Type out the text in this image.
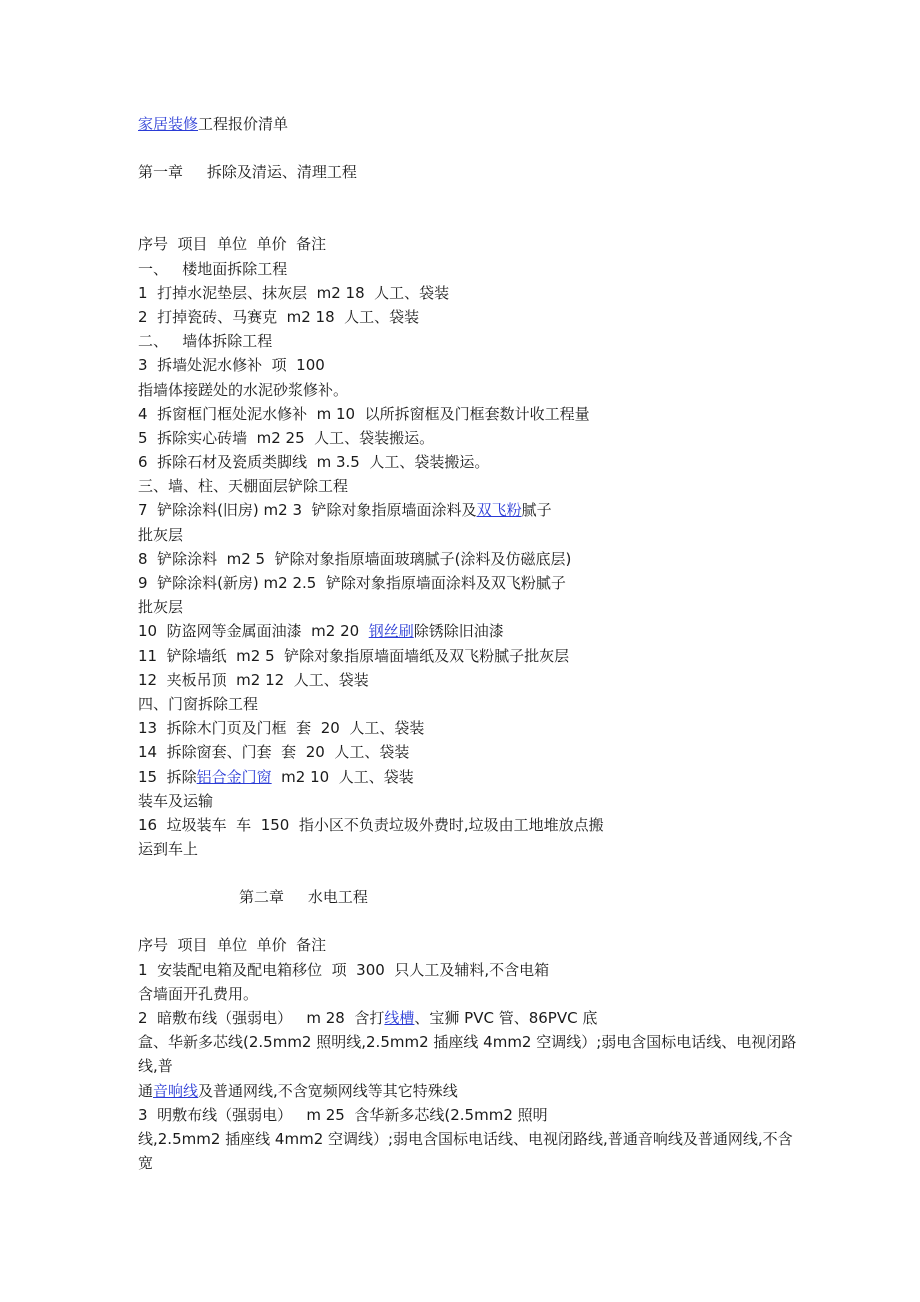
家居装修工程报价清单
第一章     拆除及清运、清理工程
序号  项目  单位  单价  备注
一、   楼地面拆除工程
1  打掉水泥垫层、抹灰层  m2 18  人工、袋装
2  打掉瓷砖、马赛克  m2 18  人工、袋装
二、   墙体拆除工程
3  拆墙处泥水修补  项  100
指墙体接蹉处的水泥砂浆修补。
4  拆窗框门框处泥水修补  m 10  以所拆窗框及门框套数计收工程量
5  拆除实心砖墙  m2 25  人工、袋装搬运。
6  拆除石材及瓷质类脚线  m 3.5  人工、袋装搬运。
三、墙、柱、天棚面层铲除工程
7  铲除涂料(旧房) m2 3  铲除对象指原墙面涂料及双飞粉腻子
批灰层
8  铲除涂料  m2 5  铲除对象指原墙面玻璃腻子(涂料及仿磁底层)
9  铲除涂料(新房) m2 2.5  铲除对象指原墙面涂料及双飞粉腻子
批灰层
10  防盗网等金属面油漆  m2 20  钢丝刷除锈除旧油漆
11  铲除墙纸  m2 5  铲除对象指原墙面墙纸及双飞粉腻子批灰层
12  夹板吊顶  m2 12  人工、袋装
四、门窗拆除工程
13  拆除木门页及门框  套  20  人工、袋装
14  拆除窗套、门套  套  20  人工、袋装
15  拆除铝合金门窗  m2 10  人工、袋装
装车及运输
16  垃圾装车  车  150  指小区不负责垃圾外费时,垃圾由工地堆放点搬
运到车上
第二章     水电工程
序号  项目  单位  单价  备注
1  安装配电箱及配电箱移位  项  300  只人工及辅料,不含电箱
含墙面开孔费用。
2  暗敷布线（强弱电）   m 28  含打线槽、宝狮 PVC 管、86PVC 底
盒、华新多芯线(2.5mm2 照明线,2.5mm2 插座线 4mm2 空调线）;弱电含国标电话线、电视闭路线,普
通音响线及普通网线,不含宽频网线等其它特殊线
3  明敷布线（强弱电）   m 25  含华新多芯线(2.5mm2 照明
线,2.5mm2 插座线 4mm2 空调线）;弱电含国标电话线、电视闭路线,普通音响线及普通网线,不含宽
